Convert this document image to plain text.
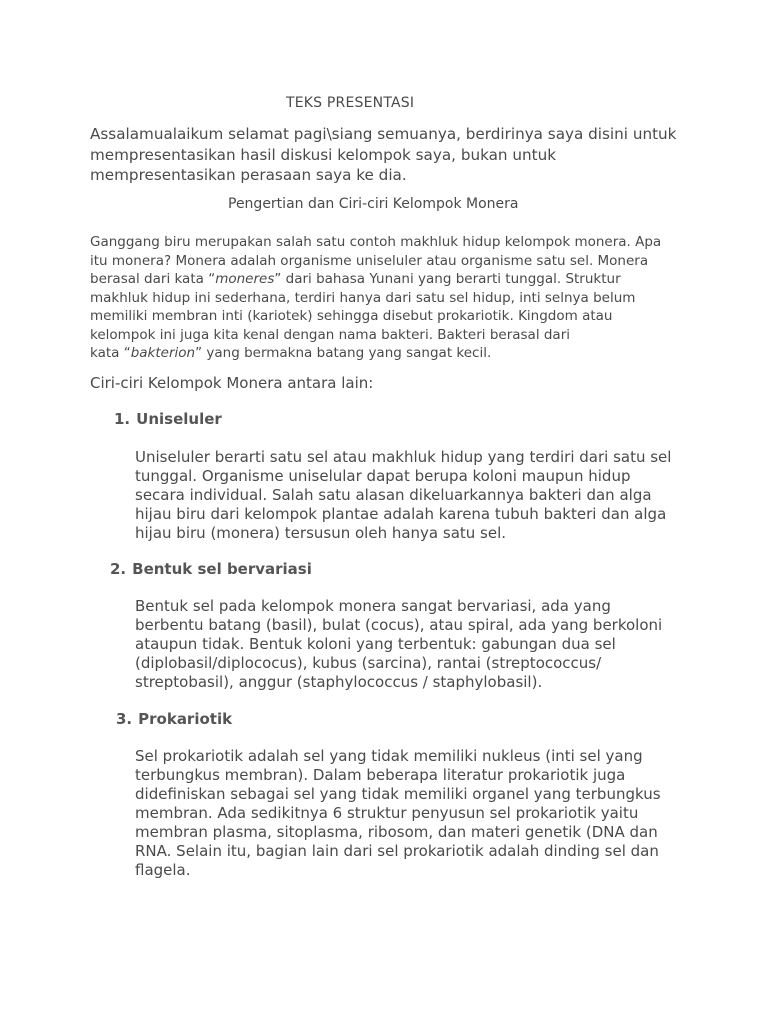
TEKS PRESENTASI

Assalamualaikum selamat pagi\siang semuanya, berdirinya saya disini untuk
mempresentasikan hasil diskusi kelompok saya, bukan untuk
mempresentasikan perasaan saya ke dia.

Pengertian dan Ciri-ciri Kelompok Monera

Ganggang biru merupakan salah satu contoh makhluk hidup kelompok monera. Apa
itu monera? Monera adalah organisme uniseluler atau organisme satu sel. Monera
berasal dari kata “moneres” dari bahasa Yunani yang berarti tunggal. Struktur
makhluk hidup ini sederhana, terdiri hanya dari satu sel hidup, inti selnya belum
memiliki membran inti (kariotek) sehingga disebut prokariotik. Kingdom atau
kelompok ini juga kita kenal dengan nama bakteri. Bakteri berasal dari
kata “bakterion” yang bermakna batang yang sangat kecil.

Ciri-ciri Kelompok Monera antara lain:

1. Uniseluler

Uniseluler berarti satu sel atau makhluk hidup yang terdiri dari satu sel
tunggal. Organisme uniselular dapat berupa koloni maupun hidup
secara individual. Salah satu alasan dikeluarkannya bakteri dan alga
hijau biru dari kelompok plantae adalah karena tubuh bakteri dan alga
hijau biru (monera) tersusun oleh hanya satu sel.

2. Bentuk sel bervariasi

Bentuk sel pada kelompok monera sangat bervariasi, ada yang
berbentu batang (basil), bulat (cocus), atau spiral, ada yang berkoloni
ataupun tidak. Bentuk koloni yang terbentuk: gabungan dua sel
(diplobasil/diplococus), kubus (sarcina), rantai (streptococcus/
streptobasil), anggur (staphylococcus / staphylobasil).

3. Prokariotik

Sel prokariotik adalah sel yang tidak memiliki nukleus (inti sel yang
terbungkus membran). Dalam beberapa literatur prokariotik juga
didefiniskan sebagai sel yang tidak memiliki organel yang terbungkus
membran. Ada sedikitnya 6 struktur penyusun sel prokariotik yaitu
membran plasma, sitoplasma, ribosom, dan materi genetik (DNA dan
RNA. Selain itu, bagian lain dari sel prokariotik adalah dinding sel dan
flagela.
